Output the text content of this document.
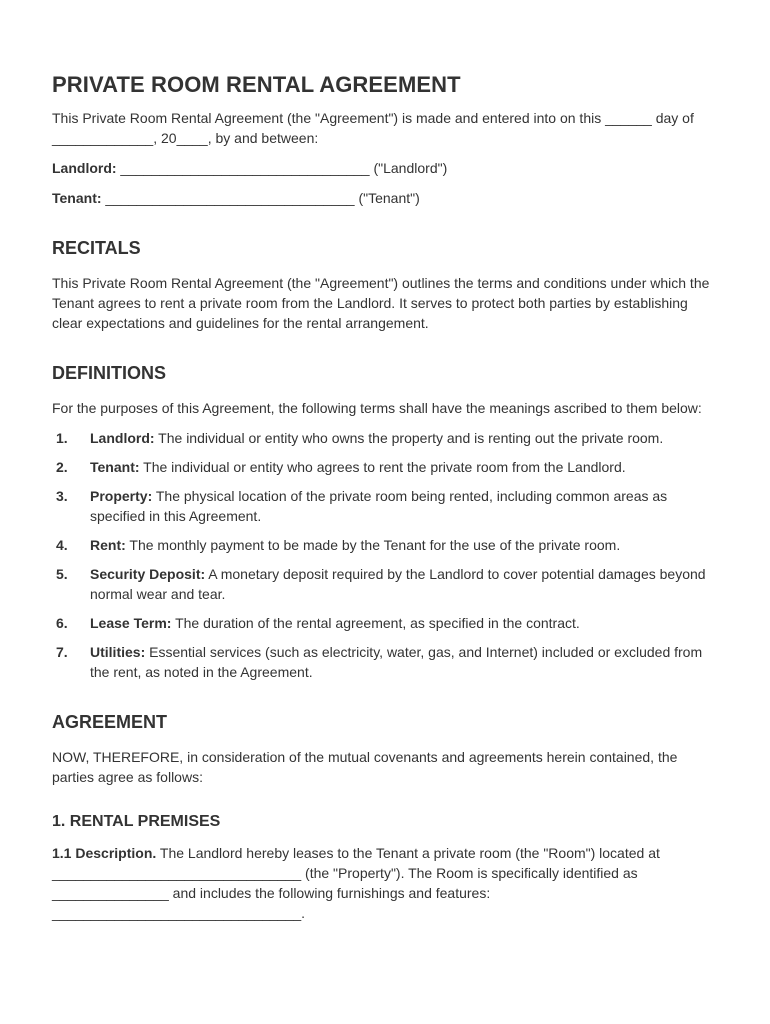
PRIVATE ROOM RENTAL AGREEMENT

This Private Room Rental Agreement (the "Agreement") is made and entered into on this ______ day of _____________, 20____, by and between:

Landlord: ________________________________ ("Landlord")
Tenant: ________________________________ ("Tenant")
RECITALS

This Private Room Rental Agreement (the "Agreement") outlines the terms and conditions under which the Tenant agrees to rent a private room from the Landlord. It serves to protect both parties by establishing clear expectations and guidelines for the rental arrangement.

DEFINITIONS

For the purposes of this Agreement, the following terms shall have the meanings ascribed to them below:

1. Landlord: The individual or entity who owns the property and is renting out the private room.
2. Tenant: The individual or entity who agrees to rent the private room from the Landlord.
3. Property: The physical location of the private room being rented, including common areas as specified in this Agreement.
4. Rent: The monthly payment to be made by the Tenant for the use of the private room.
5. Security Deposit: A monetary deposit required by the Landlord to cover potential damages beyond normal wear and tear.
6. Lease Term: The duration of the rental agreement, as specified in the contract.
7. Utilities: Essential services (such as electricity, water, gas, and Internet) included or excluded from the rent, as noted in the Agreement.
AGREEMENT

NOW, THEREFORE, in consideration of the mutual covenants and agreements herein contained, the parties agree as follows:

1. RENTAL PREMISES

1.1 Description. The Landlord hereby leases to the Tenant a private room (the "Room") located at ________________________________ (the "Property"). The Room is specifically identified as _______________ and includes the following furnishings and features: ________________________________.
